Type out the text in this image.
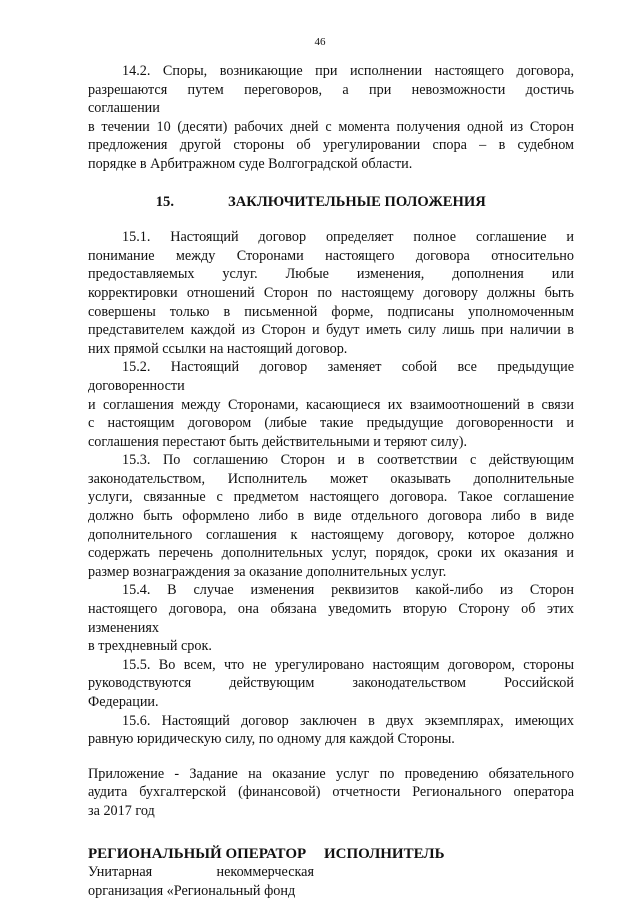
46
14.2. Споры, возникающие при исполнении настоящего договора,
разрешаются путем переговоров, а при невозможности достичь
соглашении
в течении 10 (десяти) рабочих дней с момента получения одной из Сторон
предложения другой стороны об урегулировании спора – в судебном
порядке в Арбитражном суде Волгоградской области.
15.	ЗАКЛЮЧИТЕЛЬНЫЕ ПОЛОЖЕНИЯ
15.1. Настоящий договор определяет полное соглашение и
понимание между Сторонами настоящего договора относительно
предоставляемых услуг. Любые изменения, дополнения или
корректировки отношений Сторон по настоящему договору должны быть
совершены только в письменной форме, подписаны уполномоченным
представителем каждой из Сторон и будут иметь силу лишь при наличии в
них прямой ссылки на настоящий договор.
15.2. Настоящий договор заменяет собой все предыдущие
договоренности
и соглашения между Сторонами, касающиеся их взаимоотношений в связи
с настоящим договором (либые такие предыдущие договоренности и
соглашения перестают быть действительными и теряют силу).
15.3. По соглашению Сторон и в соответствии с действующим
законодательством, Исполнитель может оказывать дополнительные
услуги, связанные с предметом настоящего договора. Такое соглашение
должно быть оформлено либо в виде отдельного договора либо в виде
дополнительного соглашения к настоящему договору, которое должно
содержать перечень дополнительных услуг, порядок, сроки их оказания и
размер вознаграждения за оказание дополнительных услуг.
15.4. В случае изменения реквизитов какой-либо из Сторон
настоящего договора, она обязана уведомить вторую Сторону об этих
изменениях
в трехдневный срок.
15.5. Во всем, что не урегулировано настоящим договором, стороны
руководствуются действующим законодательством Российской
Федерации.
15.6. Настоящий договор заключен в двух экземплярах, имеющих
равную юридическую силу, по одному для каждой Стороны.
Приложение - Задание на оказание услуг по проведению обязательного
аудита бухгалтерской (финансовой) отчетности Регионального оператора
за 2017 год
РЕГИОНАЛЬНЫЙ ОПЕРАТОР	ИСПОЛНИТЕЛЬ
Унитарная некоммерческая
организация «Региональный фонд
